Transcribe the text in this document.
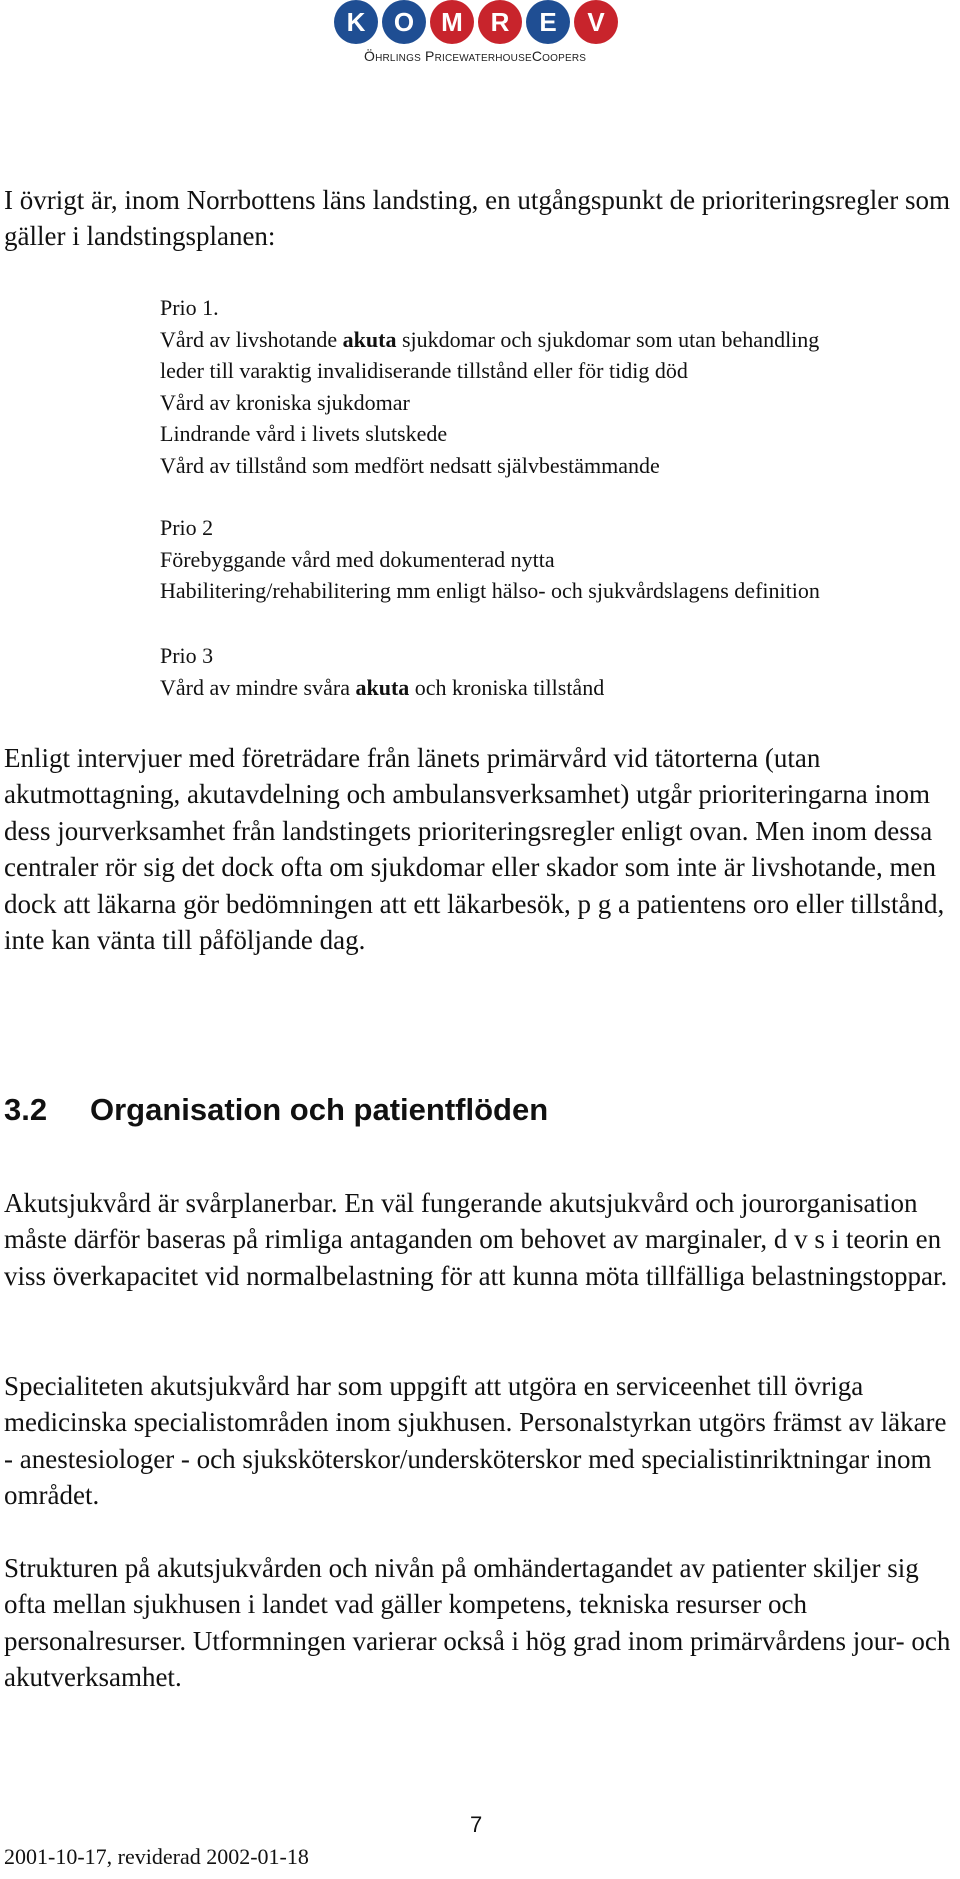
K	O	M	R	E	V
Öhrlings PricewaterhouseCoopers

I övrigt är, inom Norrbottens läns landsting, en utgångspunkt de prioriteringsregler som gäller i landstingsplanen:

Prio 1.
Vård av livshotande akuta sjukdomar och sjukdomar som utan behandling
leder till varaktig invalidiserande tillstånd eller för tidig död
Vård av kroniska sjukdomar
Lindrande vård i livets slutskede
Vård av tillstånd som medfört nedsatt självbestämmande
Prio 2
Förebyggande vård med dokumenterad nytta
Habilitering/rehabilitering mm enligt hälso- och sjukvårdslagens definition
Prio 3
Vård av mindre svåra akuta och kroniska tillstånd

Enligt intervjuer med företrädare från länets primärvård vid tätorterna (utan akutmottagning, akutavdelning och ambulansverksamhet) utgår prioriteringarna inom dess jourverksamhet från landstingets prioriteringsregler enligt ovan. Men inom dessa centraler rör sig det dock ofta om sjukdomar eller skador som inte är livshotande, men dock att läkarna gör bedömningen att ett läkarbesök, p g a patientens oro eller tillstånd, inte kan vänta till påföljande dag.

3.2 Organisation och patientflöden

Akutsjukvård är svårplanerbar. En väl fungerande akutsjukvård och jourorganisation måste därför baseras på rimliga antaganden om behovet av marginaler, d v s i teorin en viss överkapacitet vid normalbelastning för att kunna möta tillfälliga belastningstoppar.

Specialiteten akutsjukvård har som uppgift att utgöra en serviceenhet till övriga medicinska specialistområden inom sjukhusen. Personalstyrkan utgörs främst av läkare - anestesiologer - och sjuksköterskor/undersköterskor med specialistinriktningar inom området.

Strukturen på akutsjukvården och nivån på omhändertagandet av patienter skiljer sig ofta mellan sjukhusen i landet vad gäller kompetens, tekniska resurser och personalresurser. Utformningen varierar också i hög grad inom primärvårdens jour- och akutverksamhet.

7
2001-10-17, reviderad 2002-01-18
